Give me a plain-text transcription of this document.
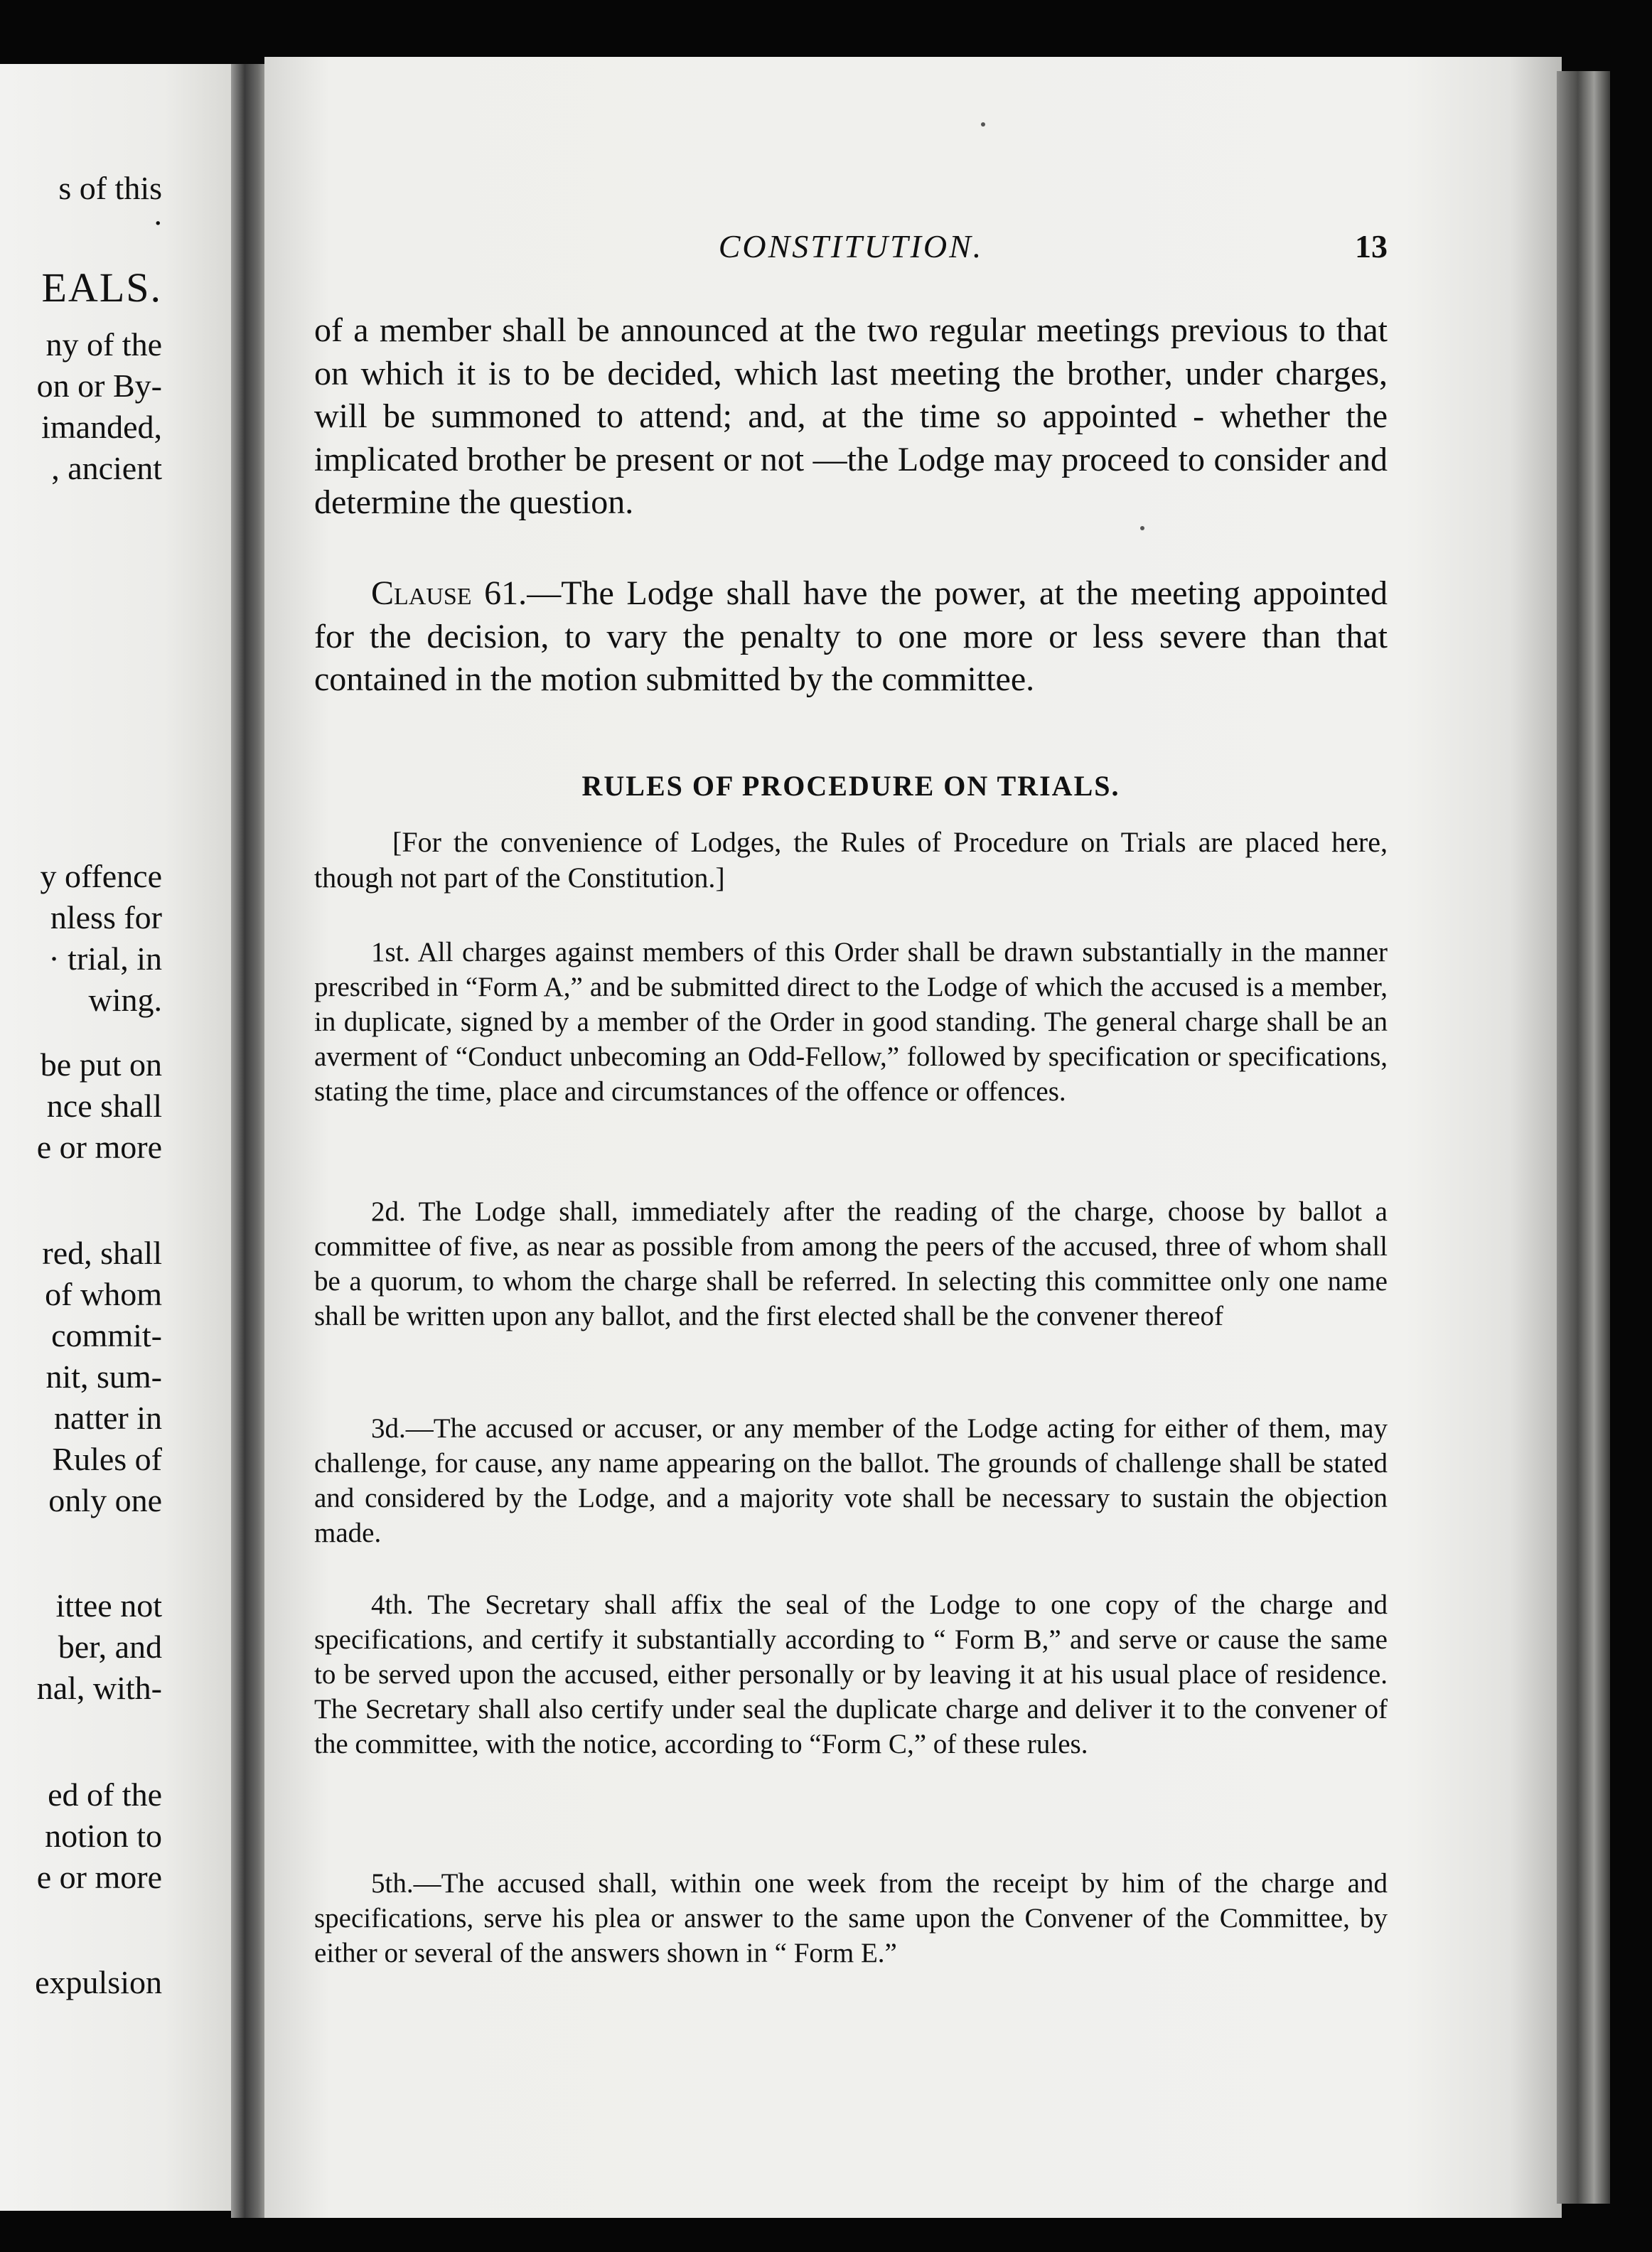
s of this
.
EALS.
ny of the
on or By-
imanded,
, ancient
y offence
nless for
· trial, in
wing.
be put on
nce shall
e or more
red, shall
of whom
commit-
nit, sum-
natter in
Rules of
only one
ittee not
ber, and
nal, with-
ed of the
notion to
e or more
expulsion
CONSTITUTION.	13

of a member shall be announced at the two regular meetings previous to that on which it is to be decided, which last meeting the brother, under charges, will be summoned to attend; and, at the time so appointed - whether the implicated brother be present or not —the Lodge may proceed to consider and determine the question.

Clause 61.—The Lodge shall have the power, at the meeting appointed for the decision, to vary the penalty to one more or less severe than that contained in the motion submitted by the committee.

RULES OF PROCEDURE ON TRIALS.

[For the convenience of Lodges, the Rules of Procedure on Trials are placed here, though not part of the Constitution.]

1st. All charges against members of this Order shall be drawn substantially in the manner prescribed in “Form A,” and be submitted direct to the Lodge of which the accused is a member, in duplicate, signed by a member of the Order in good standing. The general charge shall be an averment of “Conduct unbecoming an Odd-Fellow,” followed by specification or specifications, stating the time, place and circumstances of the offence or offences.

2d. The Lodge shall, immediately after the reading of the charge, choose by ballot a committee of five, as near as possible from among the peers of the accused, three of whom shall be a quorum, to whom the charge shall be referred. In selecting this committee only one name shall be written upon any ballot, and the first elected shall be the convener thereof

3d.—The accused or accuser, or any member of the Lodge acting for either of them, may challenge, for cause, any name appearing on the ballot. The grounds of challenge shall be stated and considered by the Lodge, and a majority vote shall be necessary to sustain the objection made.

4th. The Secretary shall affix the seal of the Lodge to one copy of the charge and specifications, and certify it substantially according to “ Form B,” and serve or cause the same to be served upon the accused, either personally or by leaving it at his usual place of residence. The Secretary shall also certify under seal the duplicate charge and deliver it to the convener of the committee, with the notice, according to “Form C,” of these rules.

5th.—The accused shall, within one week from the receipt by him of the charge and specifications, serve his plea or answer to the same upon the Convener of the Committee, by either or several of the answers shown in “ Form E.”
